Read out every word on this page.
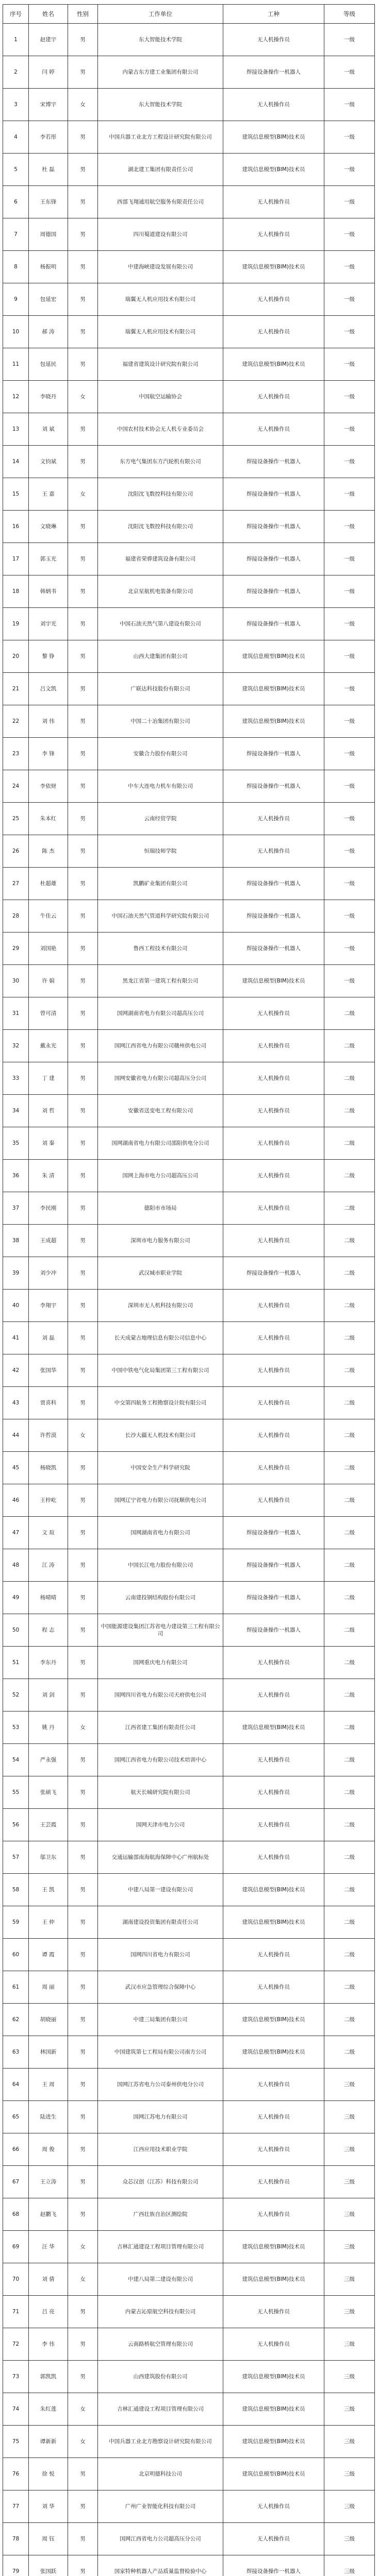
序号	姓名	性别	工作单位	工种	等级
1	赵建宇	男	东大智能技术学院	无人机操作员	一级
2	闫 婷	男	内蒙古东方建工业集团有限公司	焊接设备操作一机器人	一级
3	宋博宇	女	东大智能技术学院	无人机操作员	一级
4	李若彤	男	中国兵器工业北方工程设计研究院有限公司	建筑信息模型(BIM)技术员	一级
5	杜 磊	男	湖北建工集团有限责任公司	建筑信息模型(BIM)技术员	一级
6	王东锋	男	西部飞翔通用航空服务有限责任公司	无人机操作员	一级
7	周德国	男	四川蜀道建设有限公司	无人机操作员	一级
8	杨振明	男	中建海峡建设发展有限公司	建筑信息模型(BIM)技术员	一级
9	包延宏	男	瑞翼无人机应用技术有限公司	无人机操作员	一级
10	郝 涛	男	瑞翼无人机应用技术有限公司	无人机操作员	一级
11	包延民	男	福建省建筑设计研究院有限公司	建筑信息模型(BIM)技术员	一级
12	李晓丹	女	中国航空运输协会	无人机操作员	一级
13	刘 斌	男	中国农村技术协会无人机专业委员会	无人机操作员	一级
14	文钧斌	男	东方电气集团东方汽轮机有限公司	焊接设备操作一机器人	一级
15	王 嘉	女	沈阳沈飞数控科技有限公司	焊接设备操作一机器人	一级
16	文晓琳	男	沈阳沈飞数控科技有限公司	焊接设备操作一机器人	一级
17	郭玉光	男	福建省荣骅建筑设备有限公司	焊接设备操作一机器人	一级
18	韩炳书	男	北京星航机电装备有限公司	焊接设备操作一机器人	一级
19	刘宇光	男	中国石油天然气第八建设有限公司	焊接设备操作一机器人	一级
20	黎 铮	男	山西大建集团有限公司	建筑信息模型(BIM)技术员	一级
21	吕文凯	男	广联达科技股份有限公司	建筑信息模型(BIM)技术员	一级
22	刘 伟	男	中国二十冶集团有限公司	建筑信息模型(BIM)技术员	一级
23	李 锋	男	安徽合力股份有限公司	焊接设备操作一机器人	一级
24	李依财	男	中车大连电力机车有限公司	焊接设备操作一机器人	一级
25	朱本红	男	云南经贸学院	无人机操作员	一级
26	陈 杰	男	恒瑞技师学院	无人机操作员	一级
27	杜超雄	男	凯鹏矿业集团有限公司	焊接设备操作一机器人	一级
28	牛佳云	男	中国石油天然气管道科学研究院有限公司	焊接设备操作一机器人	一级
29	刘国艳	男	鲁西工程技术有限公司	焊接设备操作一机器人	一级
30	许 娟	男	黑龙江省第一建筑工程有限公司	建筑信息模型(BIM)技术员	一级
31	曾可清	男	国网湖南省电力有限公司超高压公司	无人机操作员	二级
32	戴永光	男	国网江西省电力有限公司赣州供电公司	无人机操作员	二级
33	丁 建	男	国网安徽省电力有限公司超高压分公司	无人机操作员	二级
34	刘 哲	男	安徽省送变电工程有限公司	无人机操作员	二级
35	刘 秦	男	国网湖南省电力有限公司邵阳供电分公司	无人机操作员	二级
36	朱 清	男	国网上海市电力公司超高压公司	无人机操作员	二级
37	李民刚	男	德阳市市场局	无人机操作员	二级
38	王成超	男	深圳市电力服务有限公司	无人机操作员	二级
39	刘少冲	男	武汉城市职业学院	焊接设备操作一机器人	二级
40	李翔宇	男	深圳市无人机科技有限公司	无人机操作员	二级
41	刘 磊	男	长天成蒙古地理信息有限公司信息中心	无人机操作员	二级
42	张国华	男	中国中铁电气化局集团第三工程有限公司	无人机操作员	二级
43	贾喜科	男	中交第四航务工程勘察设计院有限公司	无人机操作员	二级
44	许哲漠	女	长沙大疆无人机技术有限公司	无人机操作员	二级
45	杨晓凯	男	中国安全生产科学研究院	无人机操作员	二级
46	王梓屹	男	国网辽宁省电力有限公司抚顺供电公司	无人机操作员	二级
47	文 瑄	男	国网湖南省电力有限公司	焊接设备操作一机器人	二级
48	江 涛	男	中国长江电力股份有限公司	焊接设备操作一机器人	二级
49	杨晴晴	男	云南建投钢结构股份有限公司	焊接设备操作一机器人	二级
50	程 志	男	中国能源建设集团江苏省电力建设第三工程有限公司	焊接设备操作一机器人	二级
51	李东丹	男	国网重庆电力有限公司	无人机操作员	二级
52	刘 剑	男	国网四川省电力有限公司天府供电公司	无人机操作员	二级
53	姚 丹	女	江西省建工集团有限责任公司	建筑信息模型(BIM)技术员	二级
54	严永强	男	国网江西省电力有限公司技术培训中心	无人机操作员	二级
55	张硕飞	男	航天长城研究院有限公司	无人机操作员	二级
56	王芸霞	男	国网天津市电力公司	无人机操作员	二级
57	邬卫东	男	交通运输部南海航海保障中心广州航标处	无人机操作员	二级
58	王 凯	男	中建八局第一建设有限公司	建筑信息模型(BIM)技术员	二级
59	王 仲	男	湖南建设投资集团有限责任公司	建筑信息模型(BIM)技术员	二级
60	谭 霞	男	国网四川省电力有限公司	无人机操作员	二级
61	周 丽	男	武汉市应急管理综合保障中心	无人机操作员	二级
62	胡晓丽	男	中建三局集团有限公司	建筑信息模型(BIM)技术员	二级
63	林国新	男	中国建筑第七工程局有限公司南方公司	建筑信息模型(BIM)技术员	二级
64	王 周	男	国网江苏省电力公司泰州供电分公司	无人机操作员	三级
65	陆进生	男	国网江苏电力有限公司	无人机操作员	三级
66	周 俊	男	江西应用技术职业学院	无人机操作员	三级
67	王立涛	男	众芯汉创（江苏）科技有限公司	无人机操作员	三级
68	赵鹏飞	男	广西壮族自治区测绘院	无人机操作员	三级
69	汪 华	女	吉林汇通建设工程项目管理有限公司	建筑信息模型(BIM)技术员	三级
70	刘 倩	女	中建八局第二建设有限公司	建筑信息模型(BIM)技术员	三级
71	吕 亮	男	内蒙古沁原航空科技有限公司	无人机操作员	三级
72	李 伟	男	云南路桥航空管理有限公司	无人机操作员	三级
73	郭凯凯	男	山西建筑股份有限公司	建筑信息模型(BIM)技术员	三级
74	朱红莲	女	吉林汇通建设工程项目管理有限公司	建筑信息模型(BIM)技术员	三级
75	谭新新	女	中国兵器工业北方勘察设计研究院有限公司	建筑信息模型(BIM)技术员	三级
76	徐 悦	男	北京明德科技公司	建筑信息模型(BIM)技术员	三级
77	刘 华	男	广州广业智能化科技有限公司	无人机操作员	三级
78	周 钰	男	国网江西省电力公司超高压分公司	无人机操作员	三级
79	张国跃	男	国家特种机器人产品质量监督检验中心	焊接设备操作一机器人	三级
